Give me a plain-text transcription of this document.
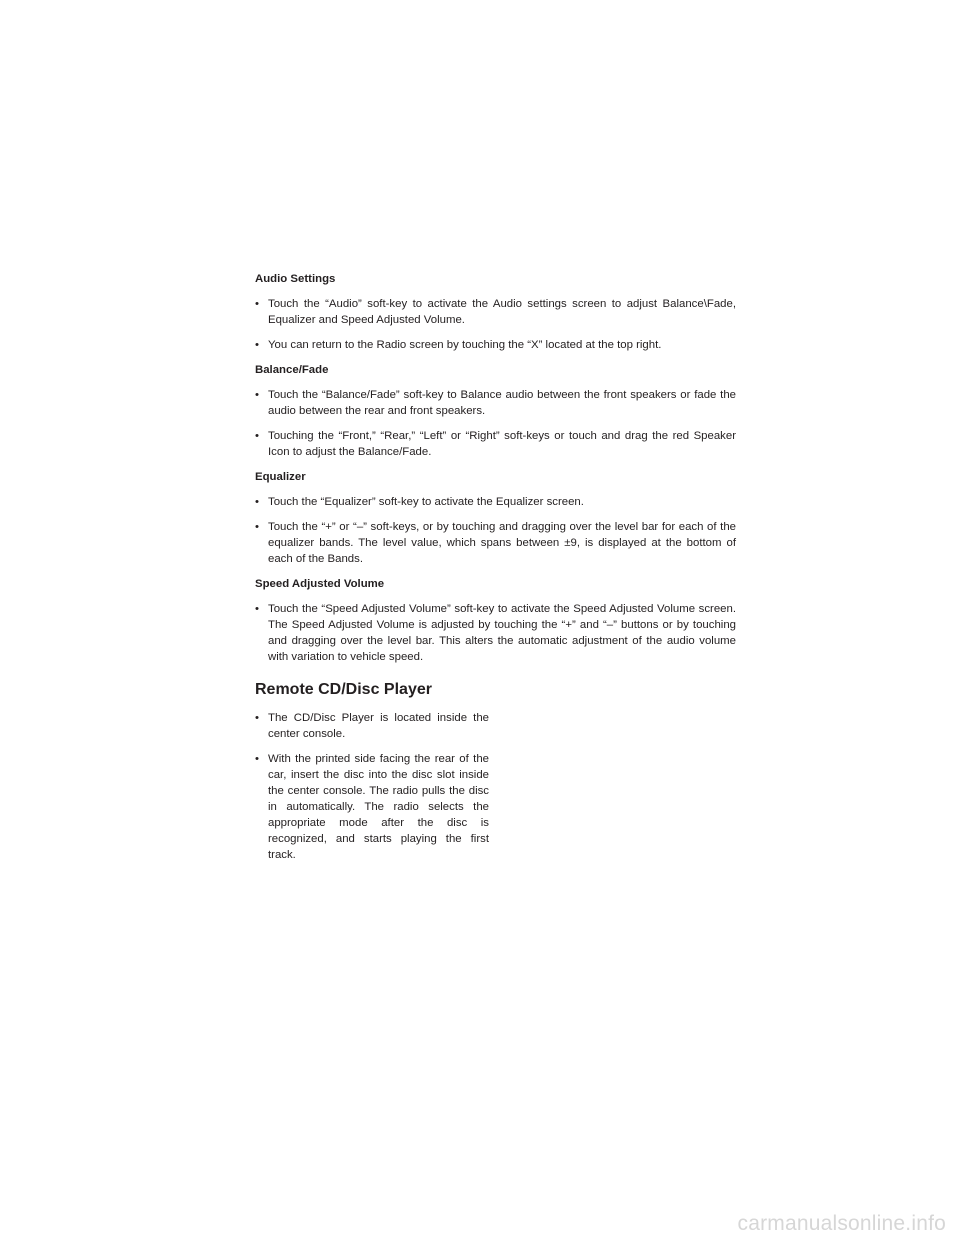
Audio Settings

• Touch the “Audio” soft-key to activate the Audio settings screen to adjust Balance\Fade, Equalizer and Speed Adjusted Volume.

• You can return to the Radio screen by touching the “X” located at the top right.

Balance/Fade

• Touch the “Balance/Fade” soft-key to Balance audio between the front speakers or fade the audio between the rear and front speakers.

• Touching the “Front,” “Rear,” “Left” or “Right” soft-keys or touch and drag the red Speaker Icon to adjust the Balance/Fade.

Equalizer

• Touch the “Equalizer” soft-key to activate the Equalizer screen.

• Touch the “+” or “–” soft-keys, or by touching and dragging over the level bar for each of the equalizer bands. The level value, which spans between ±9, is displayed at the bottom of each of the Bands.

Speed Adjusted Volume

• Touch the “Speed Adjusted Volume” soft-key to activate the Speed Adjusted Volume screen. The Speed Adjusted Volume is adjusted by touching the “+” and “–” buttons or by touching and dragging over the level bar. This alters the automatic adjustment of the audio volume with variation to vehicle speed.

Remote CD/Disc Player

• The CD/Disc Player is located inside the center console.

• With the printed side facing the rear of the car, insert the disc into the disc slot inside the center console. The radio pulls the disc in automatically. The radio selects the appropriate mode after the disc is recognized, and starts playing the first track.

carmanualsonline.info
